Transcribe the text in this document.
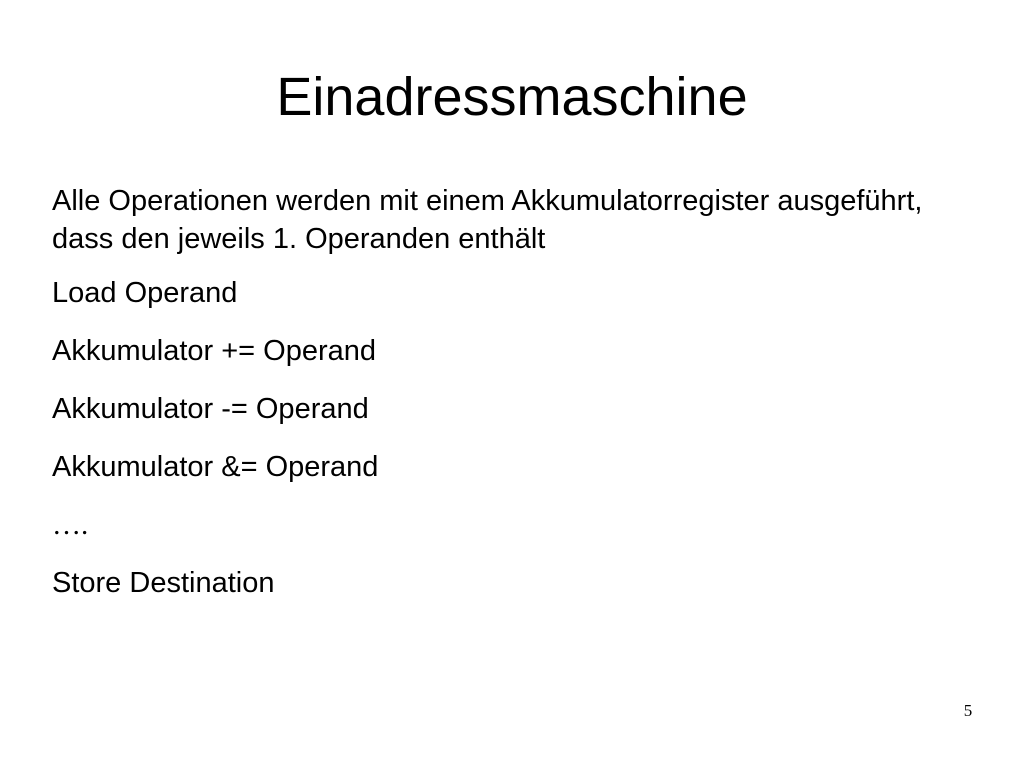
Einadressmaschine

Alle Operationen werden mit einem Akkumulatorregister ausgeführt, dass den jeweils 1. Operanden enthält

Load Operand

Akkumulator += Operand

Akkumulator -= Operand

Akkumulator &= Operand

….

Store Destination

5
